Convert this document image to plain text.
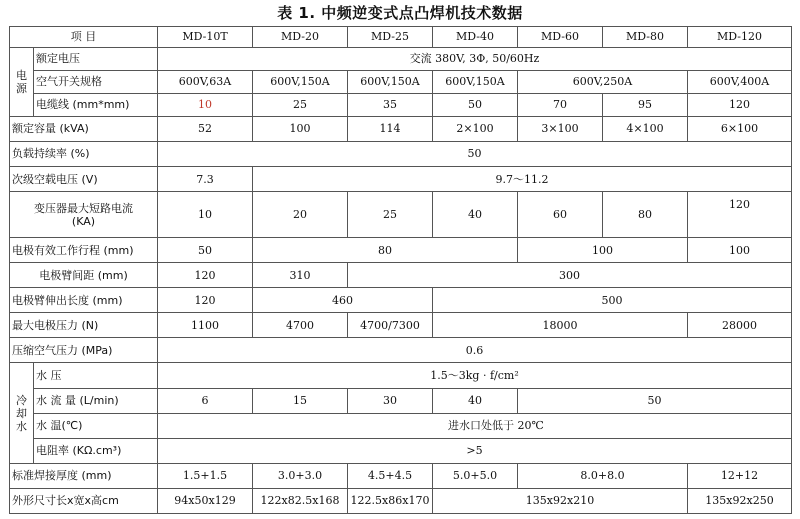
表 1. 中频逆变式点凸焊机技术数据
项 目		MD-10T	MD-20	MD-25	MD-40	MD-60	MD-80	MD-120
电
源	额定电压	交流 380V, 3Φ, 50/60Hz						
	空气开关规格	600V,63A	600V,150A	600V,150A	600V,150A	600V,250A		600V,400A
	电缆线 (mm*mm)	10	25	35	50	70	95	120
额定容量 (kVA)		52	100	114	2×100	3×100	4×100	6×100
负载持续率 (%)		50						
次级空载电压 (V)		7.3	9.7～11.2					
变压器最大短路电流
(KA)		10	20	25	40	60	80	120
电极有效工作行程 (mm)		50	80			100		100
电极臂间距 (mm)		120	310	300				
电极臂伸出长度 (mm)		120	460		500			
最大电极压力 (N)		1100	4700	4700/7300	18000			28000
压缩空气压力 (MPa)		0.6						
冷
却
水	水 压	1.5～3kg · f/cm²						
	水 流 量 (L/min)	6	15	30	40	50		
	水 温(℃)	进水口处低于 20℃						
	电阻率 (KΩ.cm³)	>5						
标准焊接厚度 (mm)		1.5+1.5	3.0+3.0	4.5+4.5	5.0+5.0	8.0+8.0		12+12
外形尺寸长x宽x高cm		94x50x129	122x82.5x168	122.5x86x170	135x92x210			135x92x250
